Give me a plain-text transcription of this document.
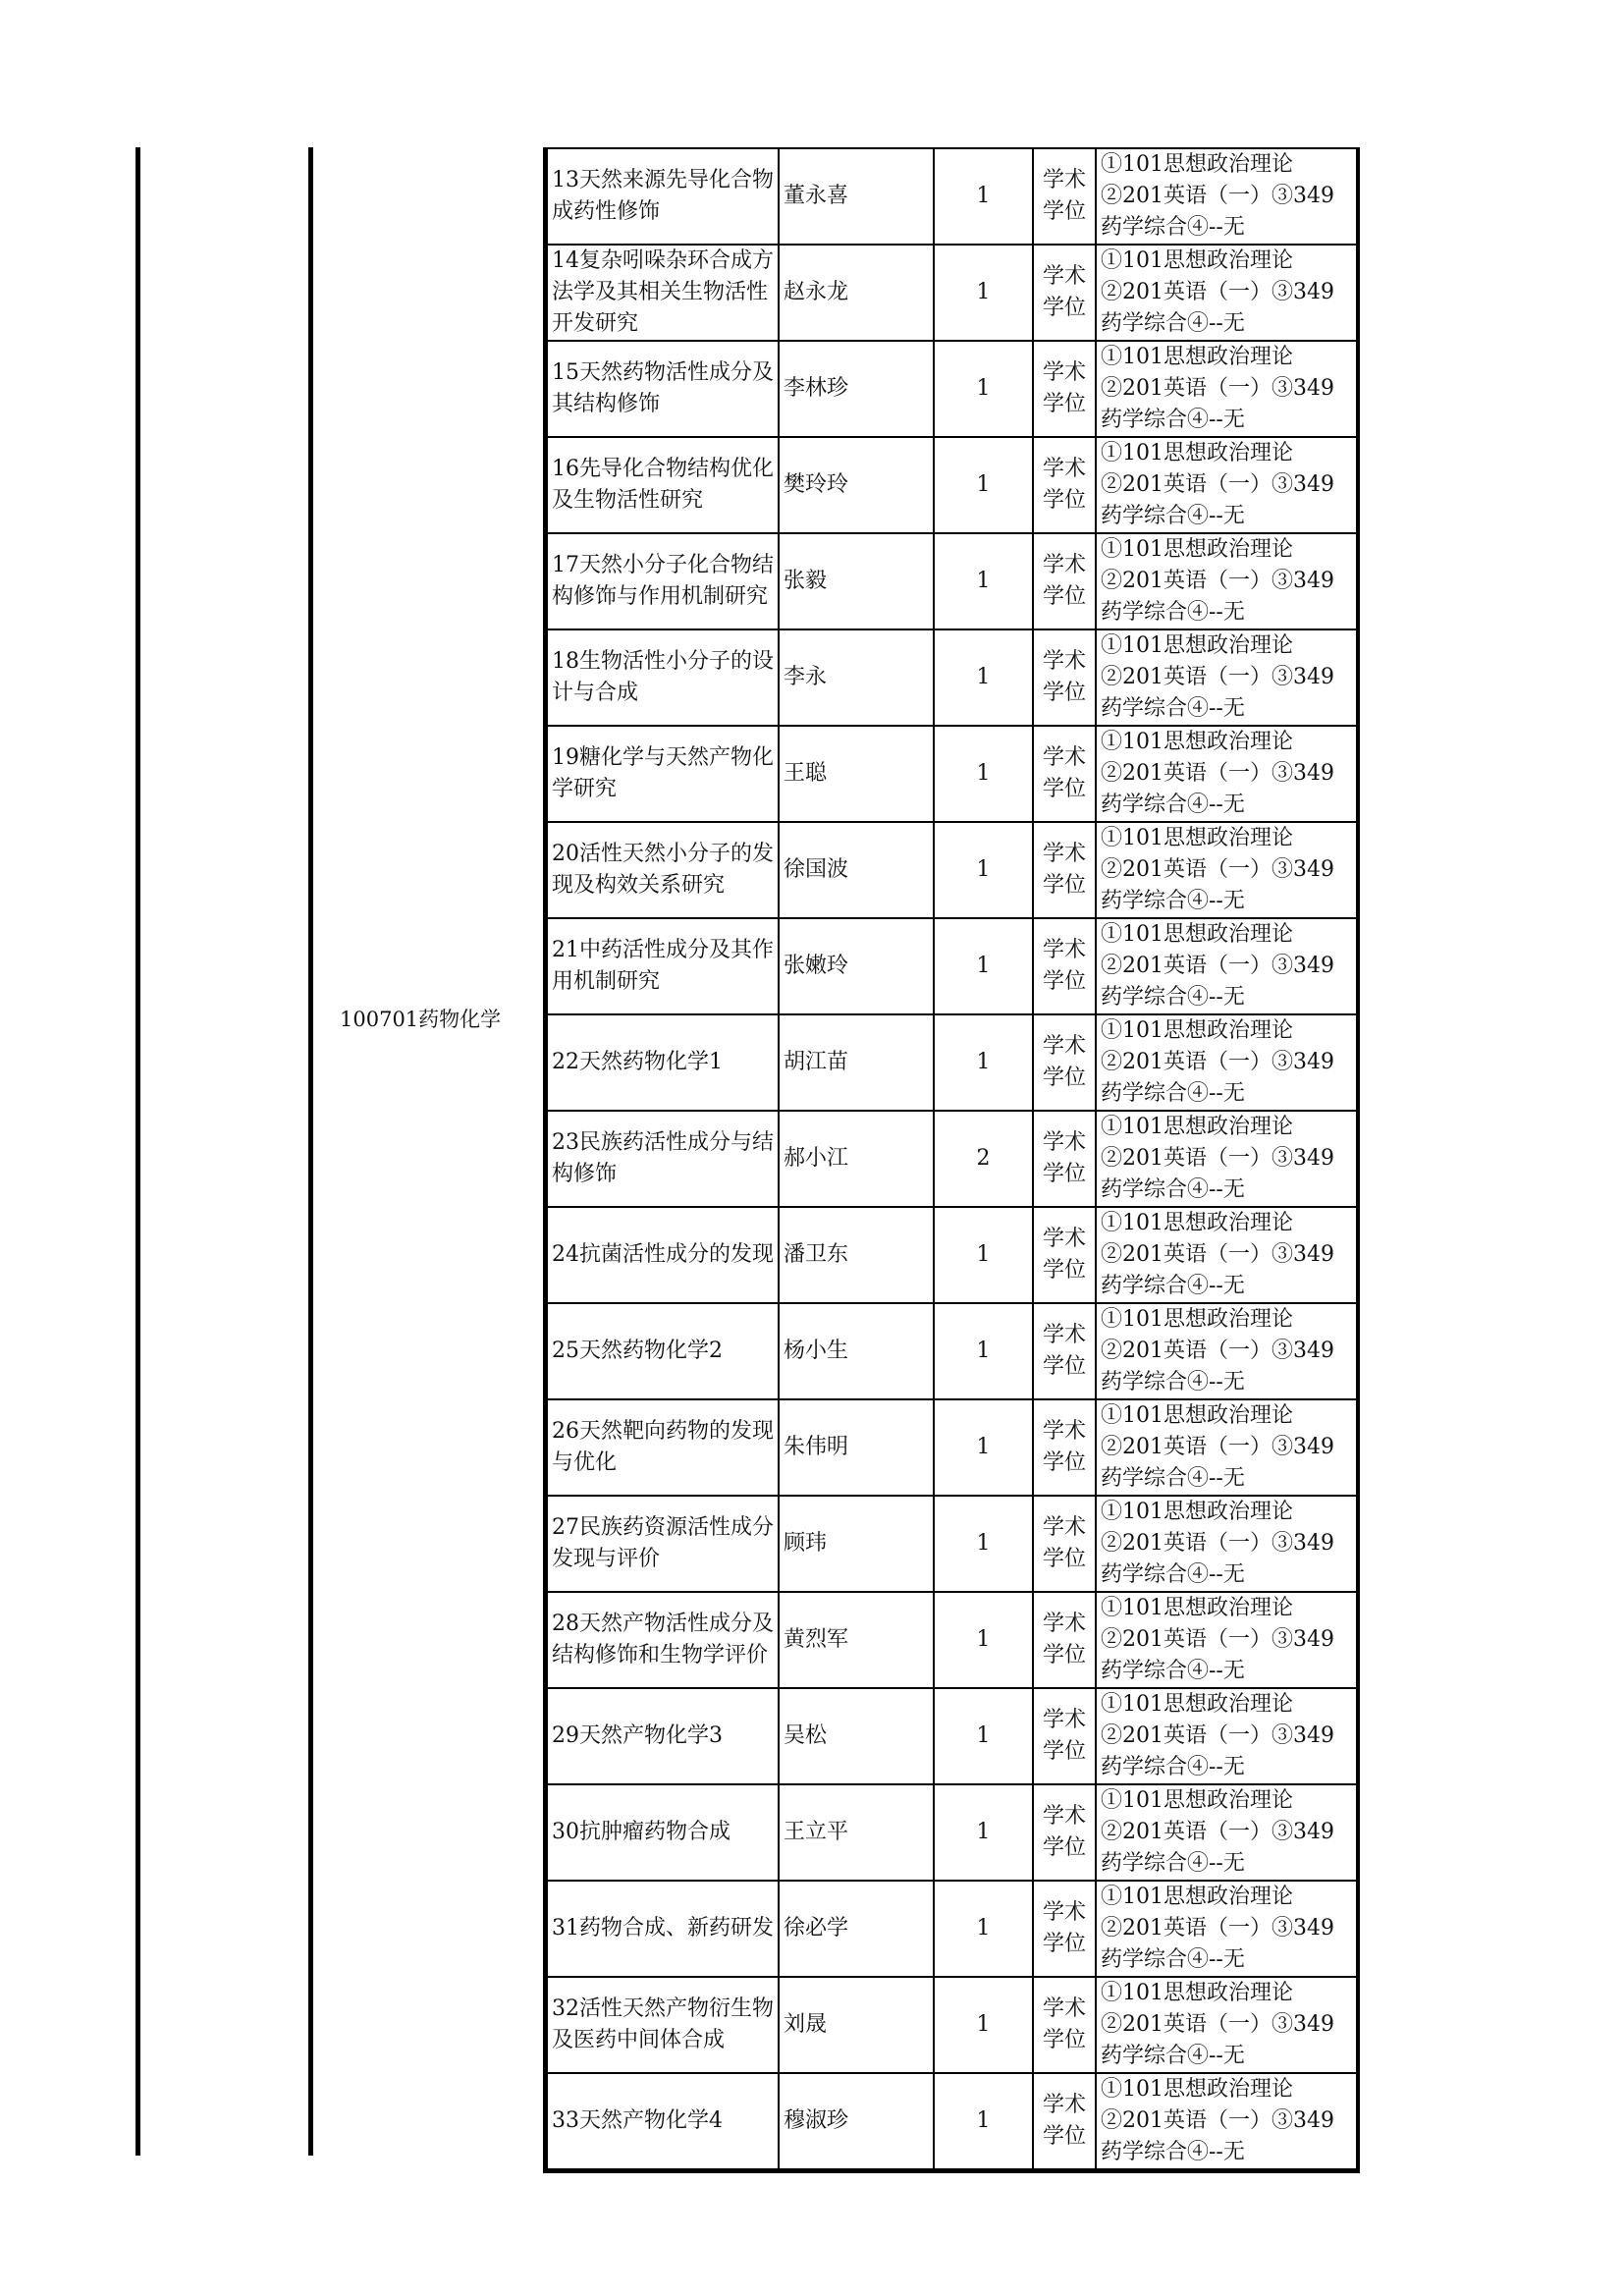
100701药物化学
13天然来源先导化合物成药性修饰	董永喜	1	学术学位	①101思想政治理论②201英语（一）③349药学综合④--无

14复杂吲哚杂环合成方法学及其相关生物活性开发研究	赵永龙	1	学术学位	①101思想政治理论②201英语（一）③349药学综合④--无

15天然药物活性成分及其结构修饰	李林珍	1	学术学位	①101思想政治理论②201英语（一）③349药学综合④--无

16先导化合物结构优化及生物活性研究	樊玲玲	1	学术学位	①101思想政治理论②201英语（一）③349药学综合④--无

17天然小分子化合物结构修饰与作用机制研究	张毅	1	学术学位	①101思想政治理论②201英语（一）③349药学综合④--无

18生物活性小分子的设计与合成	李永	1	学术学位	①101思想政治理论②201英语（一）③349药学综合④--无

19糖化学与天然产物化学研究	王聪	1	学术学位	①101思想政治理论②201英语（一）③349药学综合④--无

20活性天然小分子的发现及构效关系研究	徐国波	1	学术学位	①101思想政治理论②201英语（一）③349药学综合④--无

21中药活性成分及其作用机制研究	张嫩玲	1	学术学位	①101思想政治理论②201英语（一）③349药学综合④--无

22天然药物化学1	胡江苗	1	学术学位	①101思想政治理论②201英语（一）③349药学综合④--无

23民族药活性成分与结构修饰	郝小江	2	学术学位	①101思想政治理论②201英语（一）③349药学综合④--无

24抗菌活性成分的发现	潘卫东	1	学术学位	①101思想政治理论②201英语（一）③349药学综合④--无

25天然药物化学2	杨小生	1	学术学位	①101思想政治理论②201英语（一）③349药学综合④--无

26天然靶向药物的发现与优化	朱伟明	1	学术学位	①101思想政治理论②201英语（一）③349药学综合④--无

27民族药资源活性成分发现与评价	顾玮	1	学术学位	①101思想政治理论②201英语（一）③349药学综合④--无

28天然产物活性成分及结构修饰和生物学评价	黄烈军	1	学术学位	①101思想政治理论②201英语（一）③349药学综合④--无

29天然产物化学3	吴松	1	学术学位	①101思想政治理论②201英语（一）③349药学综合④--无

30抗肿瘤药物合成	王立平	1	学术学位	①101思想政治理论②201英语（一）③349药学综合④--无

31药物合成、新药研发	徐必学	1	学术学位	①101思想政治理论②201英语（一）③349药学综合④--无

32活性天然产物衍生物及医药中间体合成	刘晟	1	学术学位	①101思想政治理论②201英语（一）③349药学综合④--无

33天然产物化学4	穆淑珍	1	学术学位	①101思想政治理论②201英语（一）③349药学综合④--无
